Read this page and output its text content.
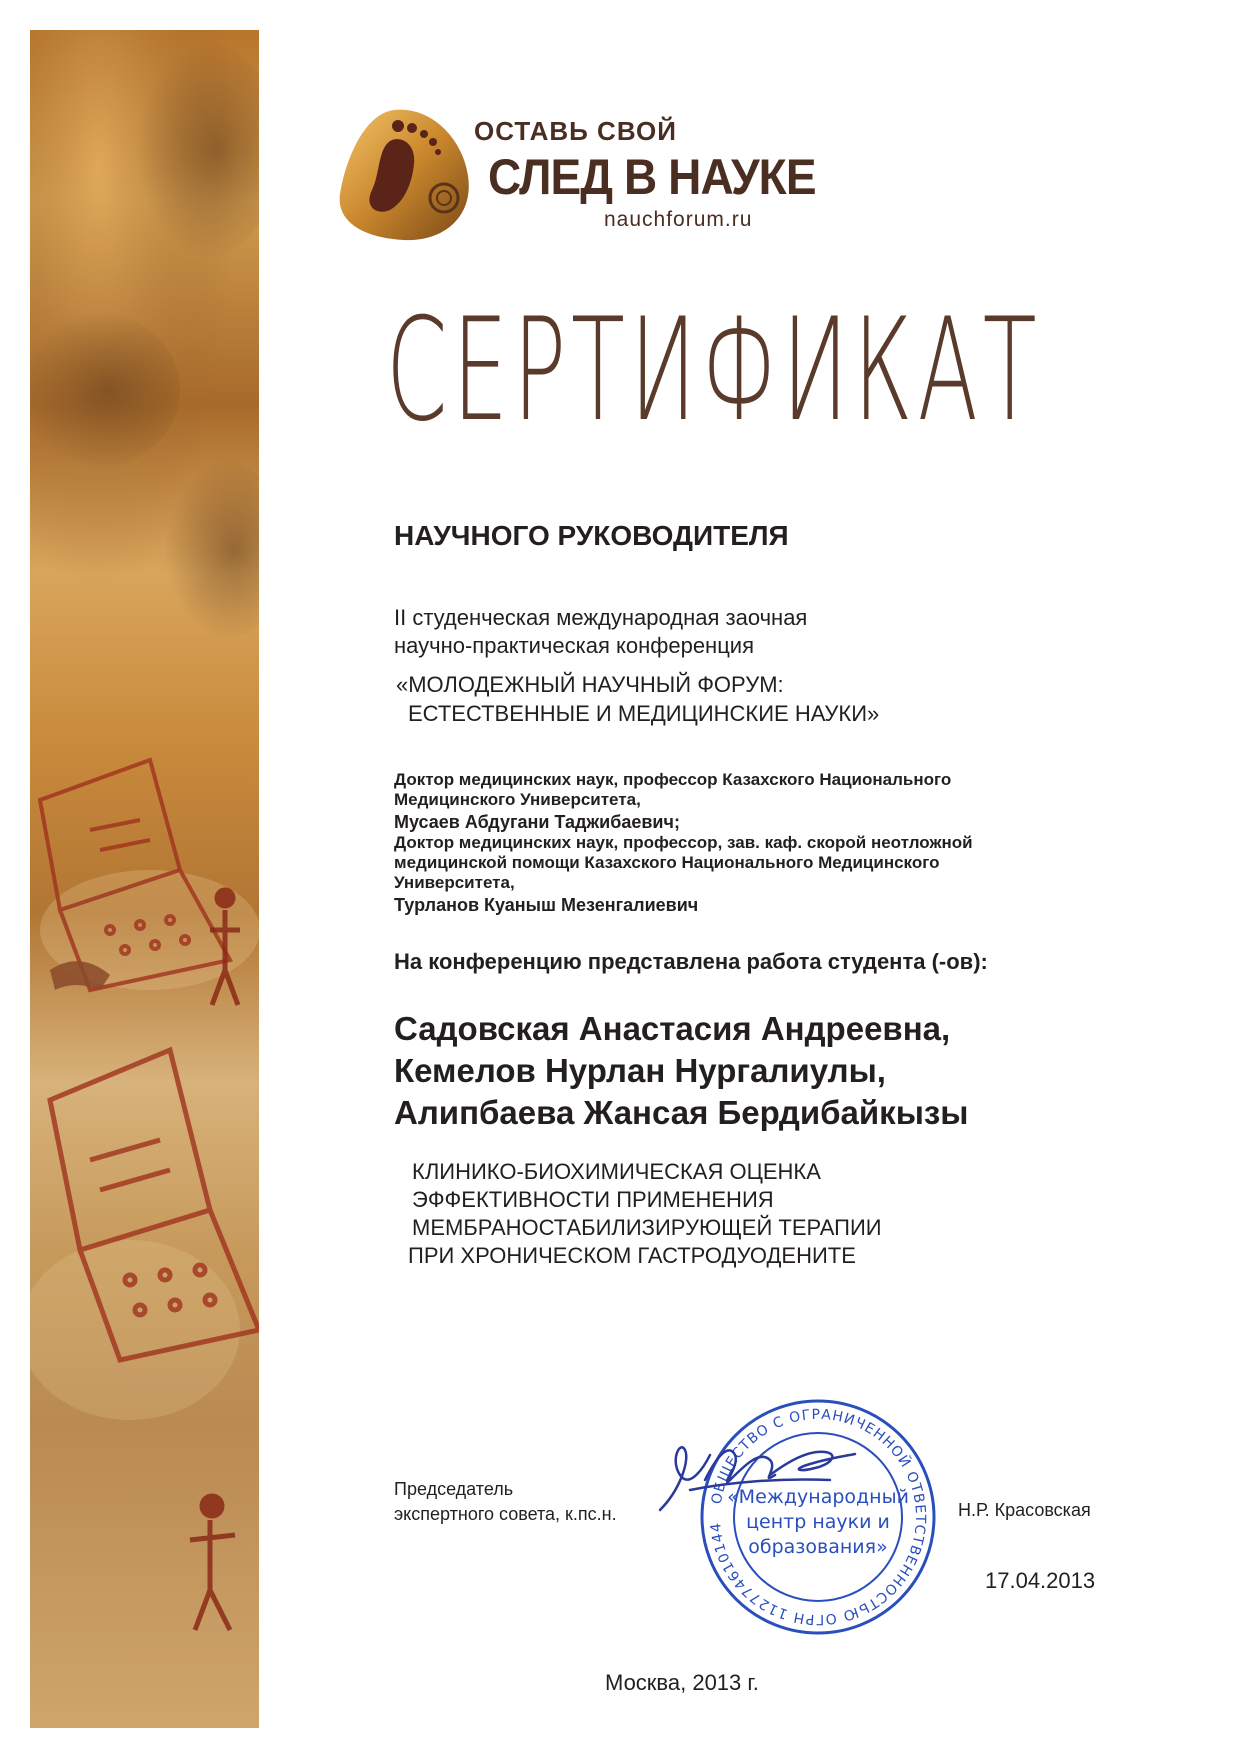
ОСТАВЬ СВОЙ
СЛЕД В НАУКЕ
nauchforum.ru
СЕРТИФИКАТ
НАУЧНОГО РУКОВОДИТЕЛЯ
II студенческая международная заочная
научно-практическая конференция
«МОЛОДЕЖНЫЙ НАУЧНЫЙ ФОРУМ:
ЕСТЕСТВЕННЫЕ И МЕДИЦИНСКИЕ НАУКИ»
Доктор медицинских наук, профессор Казахского Национального
Медицинского Университета,
Мусаев Абдугани Таджибаевич;
Доктор медицинских наук, профессор, зав. каф. скорой неотложной
медицинской помощи Казахского Национального Медицинского
Университета,
Турланов Куаныш Мезенгалиевич
На конференцию представлена работа студента (-ов):
Садовская Анастасия Андреевна,
Кемелов Нурлан Нургалиулы,
Алипбаева Жансая Бердибайкызы
КЛИНИКО-БИОХИМИЧЕСКАЯ ОЦЕНКА
ЭФФЕКТИВНОСТИ ПРИМЕНЕНИЯ
МЕМБРАНОСТАБИЛИЗИРУЮЩЕЙ ТЕРАПИИ
ПРИ ХРОНИЧЕСКОМ ГАСТРОДУОДЕНИТЕ
Председатель
экспертного совета, к.пс.н.
ОБЩЕСТВО С ОГРАНИЧЕННОЙ ОТВЕТСТВЕННОСТЬЮ ОГРН 112774610144
«Международный
центр науки и
образования»
Н.Р. Красовская
17.04.2013
Москва, 2013 г.
